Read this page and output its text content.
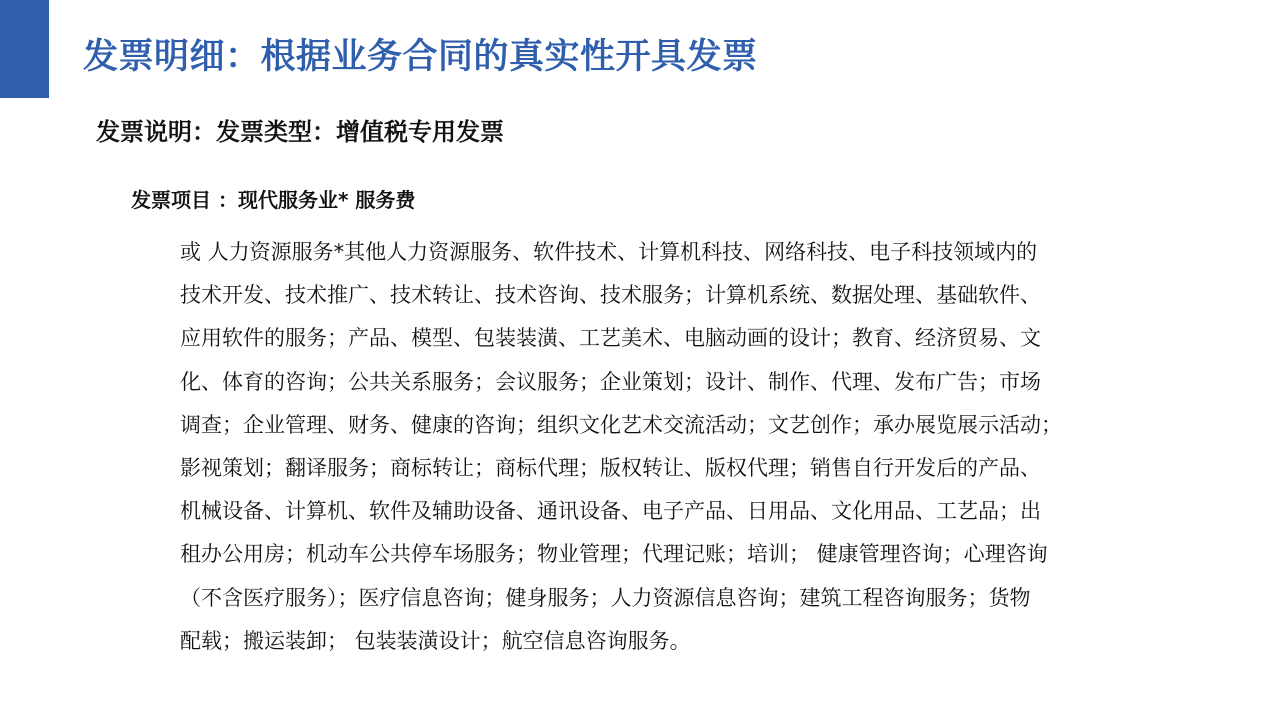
发票明细：根据业务合同的真实性开具发票
发票说明：发票类型：增值税专用发票
发票项目 ：现代服务业* 服务费
或 人力资源服务*其他人力资源服务、软件技术、计算机科技、网络科技、电子科技领域内的
技术开发、技术推广、技术转让、技术咨询、技术服务；计算机系统、数据处理、基础软件、
应用软件的服务；产品、模型、包装装潢、工艺美术、电脑动画的设计；教育、经济贸易、文
化、体育的咨询；公共关系服务；会议服务；企业策划；设计、制作、代理、发布广告；市场
调查；企业管理、财务、健康的咨询；组织文化艺术交流活动；文艺创作；承办展览展示活动；
影视策划；翻译服务；商标转让；商标代理；版权转让、版权代理；销售自行开发后的产品、
机械设备、计算机、软件及辅助设备、通讯设备、电子产品、日用品、文化用品、工艺品；出
租办公用房；机动车公共停车场服务；物业管理；代理记账；培训； 健康管理咨询；心理咨询
（不含医疗服务）；医疗信息咨询；健身服务；人力资源信息咨询；建筑工程咨询服务；货物
配载；搬运装卸； 包装装潢设计；航空信息咨询服务。
